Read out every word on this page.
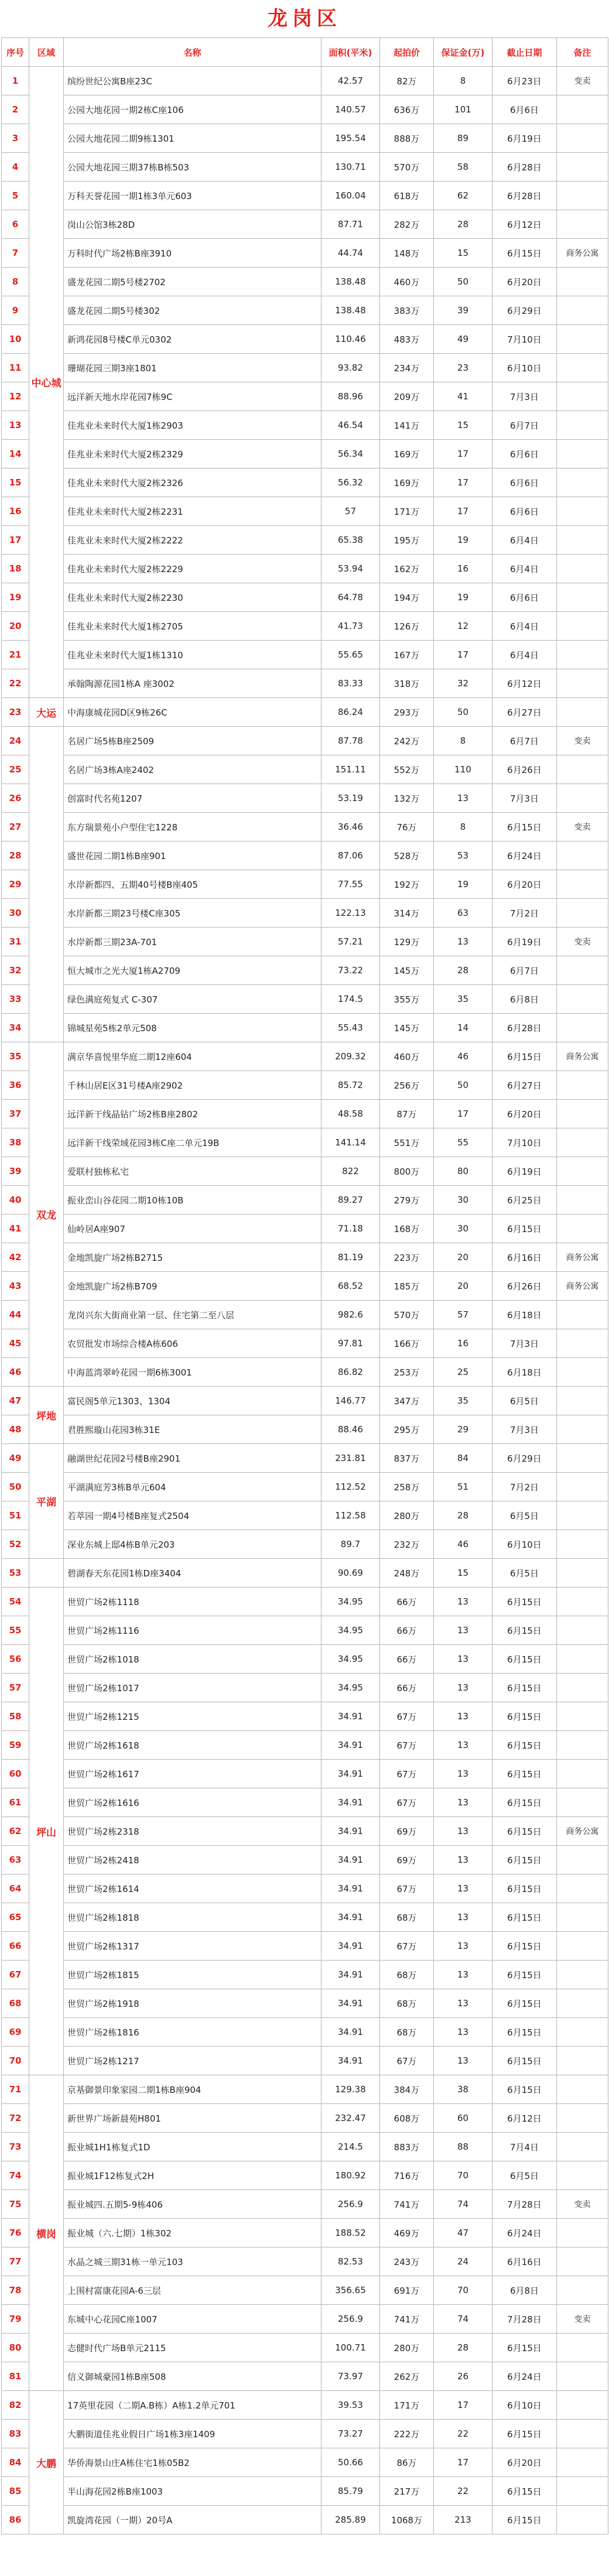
龙岗区
序号	区域	名称	面积(平米)	起拍价	保证金(万)	截止日期	备注
1	中心城	缤纷世纪公寓B座23C	42.57	82万	8	6月23日	变卖
2		公园大地花园一期2栋C座106	140.57	636万	101	6月6日	
3		公园大地花园二期9栋1301	195.54	888万	89	6月19日	
4		公园大地花园三期37栋B栋503	130.71	570万	58	6月28日	
5		万科天誉花园一期1栋3单元603	160.04	618万	62	6月28日	
6		岗山公馆3栋28D	87.71	282万	28	6月12日	
7		万科时代广场2栋B座3910	44.74	148万	15	6月15日	商务公寓
8		盛龙花园二期5号楼2702	138.48	460万	50	6月20日	
9		盛龙花园二期5号楼302	138.48	383万	39	6月29日	
10		新鸿花园8号楼C单元0302	110.46	483万	49	7月10日	
11		珊瑚花园三期3座1801	93.82	234万	23	6月10日	
12		远洋新天地水岸花园7栋9C	88.96	209万	41	7月3日	
13		佳兆业未来时代大厦1栋2903	46.54	141万	15	6月7日	
14		佳兆业未来时代大厦2栋2329	56.34	169万	17	6月6日	
15		佳兆业未来时代大厦2栋2326	56.32	169万	17	6月6日	
16		佳兆业未来时代大厦2栋2231	57	171万	17	6月6日	
17		佳兆业未来时代大厦2栋2222	65.38	195万	19	6月4日	
18		佳兆业未来时代大厦2栋2229	53.94	162万	16	6月4日	
19		佳兆业未来时代大厦2栋2230	64.78	194万	19	6月6日	
20		佳兆业未来时代大厦1栋2705	41.73	126万	12	6月4日	
21		佳兆业未来时代大厦1栋1310	55.65	167万	17	6月4日	
22		承翰陶源花园1栋A 座3002	83.33	318万	32	6月12日	
23	大运	中海康城花园D区9栋26C	86.24	293万	50	6月27日	
24		名居广场5栋B座2509	87.78	242万	8	6月7日	变卖
25		名居广场3栋A座2402	151.11	552万	110	6月26日	
26		创富时代名苑1207	53.19	132万	13	7月3日	
27		东方瑞景苑小户型住宅1228	36.46	76万	8	6月15日	变卖
28		盛世花园二期1栋B座901	87.06	528万	53	6月24日	
29		水岸新都四、五期40号楼B座405	77.55	192万	19	6月20日	
30		水岸新都三期23号楼C座305	122.13	314万	63	7月2日	
31		水岸新都三期23A-701	57.21	129万	13	6月19日	变卖
32		恒大城市之光大厦1栋A2709	73.22	145万	28	6月7日	
33		绿色满庭苑复式 C-307	174.5	355万	35	6月8日	
34		锦城星苑5栋2单元508	55.43	145万	14	6月28日	
35	双龙	满京华喜悦里华庭二期12座604	209.32	460万	46	6月15日	商务公寓
36		千林山居E区31号楼A座2902	85.72	256万	50	6月27日	
37		远洋新干线晶钻广场2栋B座2802	48.58	87万	17	6月20日	
38		远洋新干线荣域花园3栋C座二单元19B	141.14	551万	55	7月10日	
39		爱联村独栋私宅	822	800万	80	6月19日	
40		振业峦山谷花园二期10栋10B	89.27	279万	30	6月25日	
41		仙岭居A座907	71.18	168万	30	6月15日	
42		金地凯旋广场2栋B2715	81.19	223万	20	6月16日	商务公寓
43		金地凯旋广场2栋B709	68.52	185万	20	6月26日	商务公寓
44		龙岗兴东大街商业第一层、住宅第二至八层	982.6	570万	57	6月18日	
45		农贸批发市场综合楼A栋606	97.81	166万	16	7月3日	
46		中海蓝湾翠岭花园一期6栋3001	86.82	253万	25	6月18日	
47	坪地	富民阁5单元1303、1304	146.77	347万	35	6月5日	
48		君胜熙璇山花园3栋31E	88.46	295万	29	7月3日	
49	平湖	融湖世纪花园2号楼B座2901	231.81	837万	84	6月29日	
50		平湖满庭芳3栋B单元604	112.52	258万	51	7月2日	
51		若萃园一期4号楼B座复式2504	112.58	280万	28	6月5日	
52		深业东城上邸4栋B单元203	89.7	232万	46	6月10日	
53		碧湖春天东花园1栋D座3404	90.69	248万	15	6月5日	
54	坪山	世贸广场2栋1118	34.95	66万	13	6月15日	
55		世贸广场2栋1116	34.95	66万	13	6月15日	
56		世贸广场2栋1018	34.95	66万	13	6月15日	
57		世贸广场2栋1017	34.95	66万	13	6月15日	
58		世贸广场2栋1215	34.91	67万	13	6月15日	
59		世贸广场2栋1618	34.91	67万	13	6月15日	
60		世贸广场2栋1617	34.91	67万	13	6月15日	
61		世贸广场2栋1616	34.91	67万	13	6月15日	
62		世贸广场2栋2318	34.91	69万	13	6月15日	商务公寓
63		世贸广场2栋2418	34.91	69万	13	6月15日	
64		世贸广场2栋1614	34.91	67万	13	6月15日	
65		世贸广场2栋1818	34.91	68万	13	6月15日	
66		世贸广场2栋1317	34.91	67万	13	6月15日	
67		世贸广场2栋1815	34.91	68万	13	6月15日	
68		世贸广场2栋1918	34.91	68万	13	6月15日	
69		世贸广场2栋1816	34.91	68万	13	6月15日	
70		世贸广场2栋1217	34.91	67万	13	6月15日	
71	横岗	京基御景印象家园二期1栋B座904	129.38	384万	38	6月15日	
72		新世界广场新晨苑H801	232.47	608万	60	6月12日	
73		振业城1H1栋复式1D	214.5	883万	88	7月4日	
74		振业城1F12栋复式2H	180.92	716万	70	6月5日	
75		振业城四.五期5-9栋406	256.9	741万	74	7月28日	变卖
76		振业城（六.七期）1栋302	188.52	469万	47	6月24日	
77		水晶之城三期31栋一单元103	82.53	243万	24	6月16日	
78		上围村富康花园A-6三层	356.65	691万	70	6月8日	
79		东城中心花园C座1007	256.9	741万	74	7月28日	变卖
80		志健时代广场B单元2115	100.71	280万	28	6月15日	
81		信义御城豪园1栋B座508	73.97	262万	26	6月24日	
82	大鹏	17英里花园（二期A.B栋）A栋1.2单元701	39.53	171万	17	6月10日	
83		大鹏街道佳兆业假日广场1栋3座1409	73.27	222万	22	6月15日	
84		华侨海景山庄A栋住宅1栋05B2	50.66	86万	17	6月20日	
85		半山海花园2栋B座1003	85.79	217万	22	6月15日	
86		凯旋湾花园（一期）20号A	285.89	1068万	213	6月15日	
